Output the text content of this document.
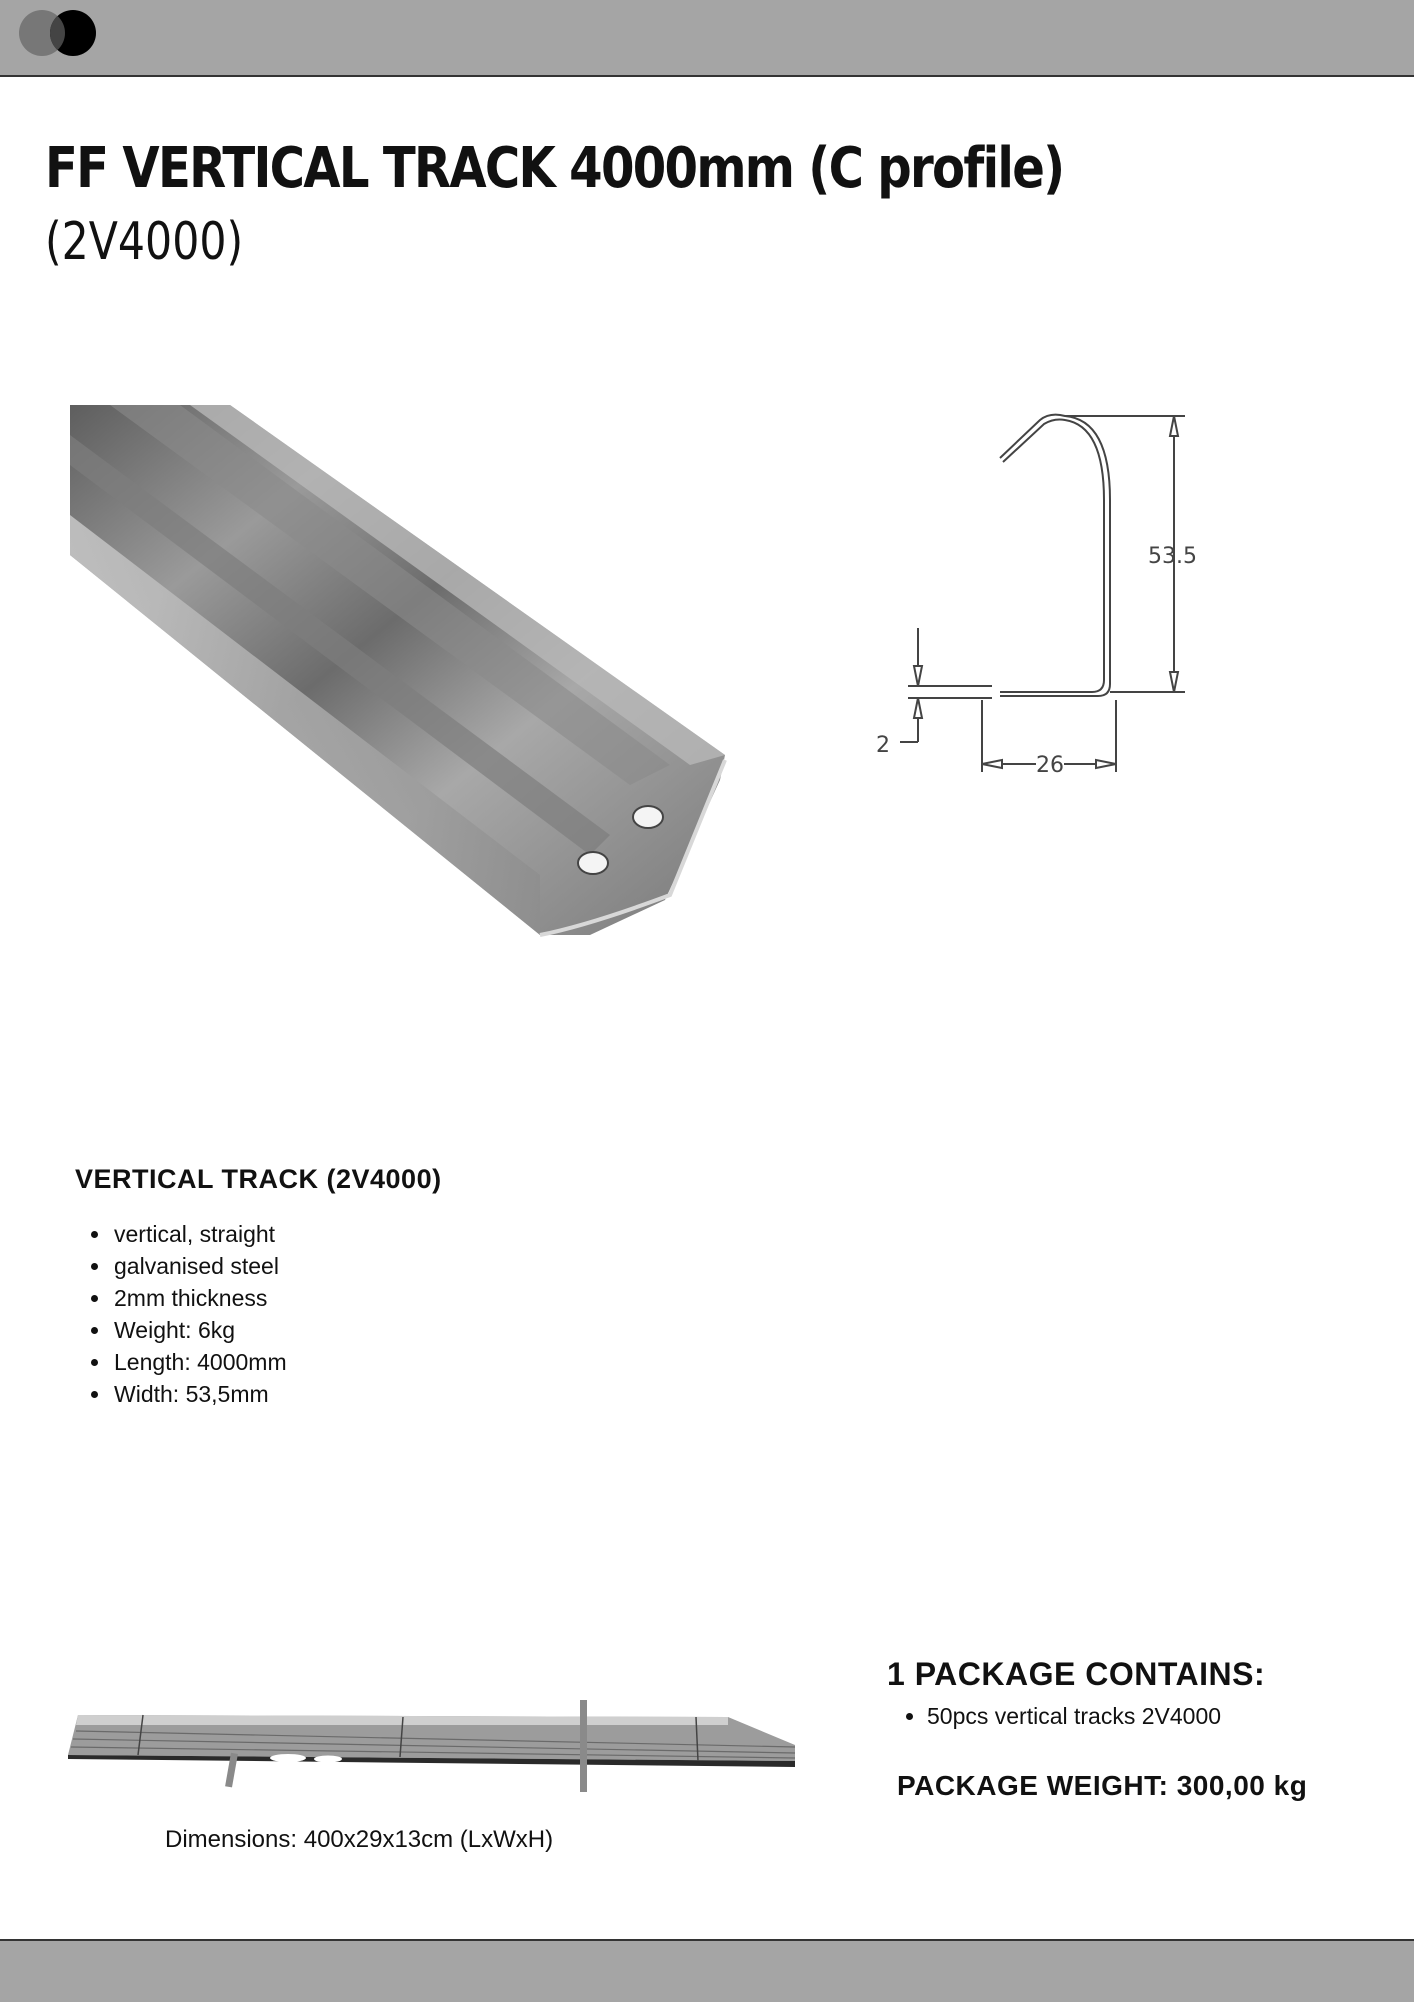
FF VERTICAL TRACK 4000mm (C profile)
(2V4000)
53.5
2
26
VERTICAL TRACK (2V4000)
• vertical, straight
• galvanised steel
• 2mm thickness
• Weight: 6kg
• Length: 4000mm
• Width: 53,5mm

Dimensions: 400x29x13cm (LxWxH)

1 PACKAGE CONTAINS:
• 50pcs vertical tracks 2V4000

PACKAGE WEIGHT: 300,00 kg
